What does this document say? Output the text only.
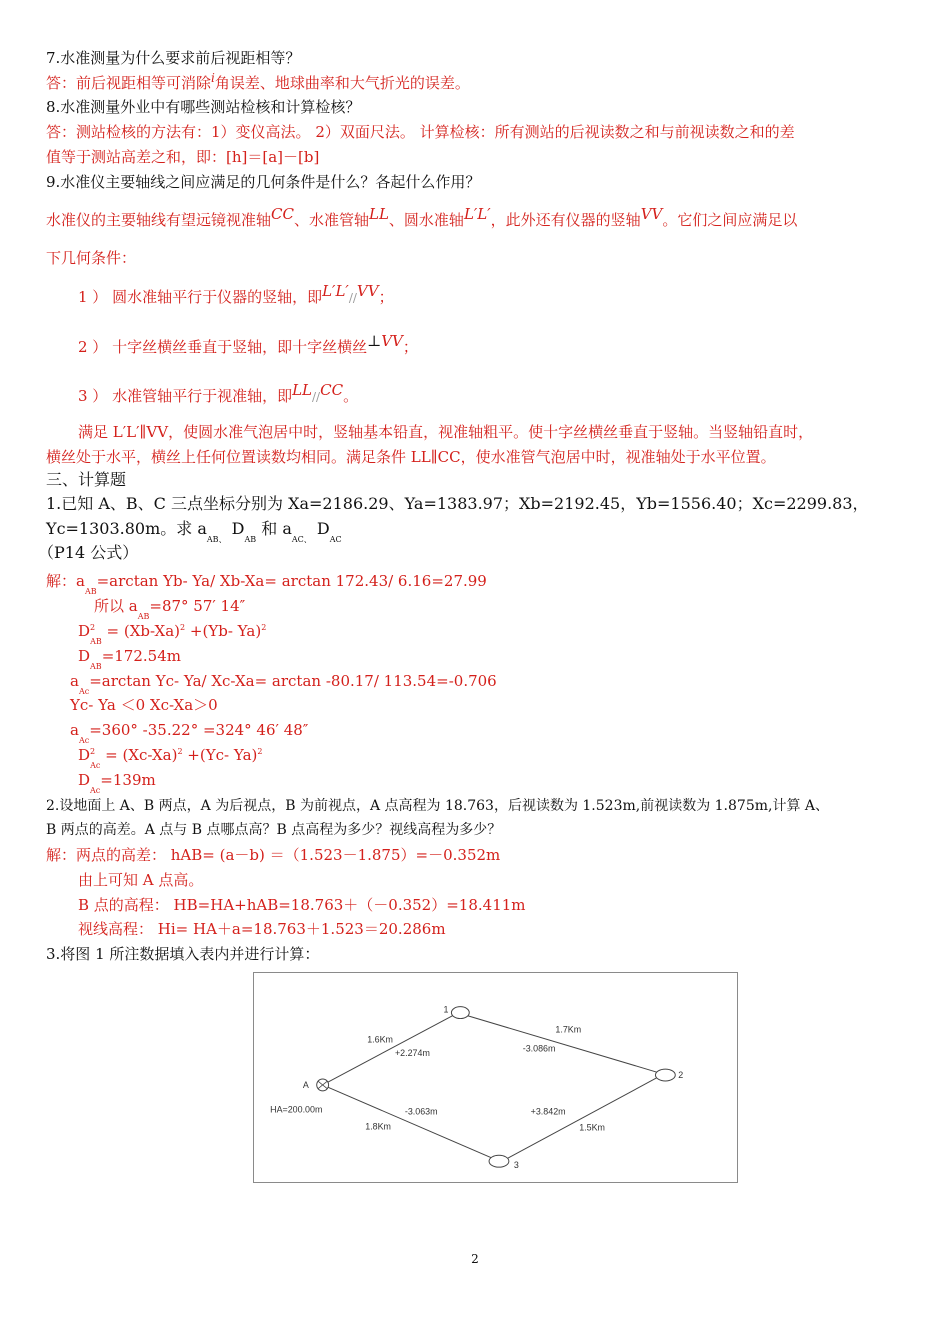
7.水准测量为什么要求前后视距相等？
答：前后视距相等可消除$^i$角误差、地球曲率和大气折光的误差。
8.水准测量外业中有哪些测站检核和计算检核？
答：测站检核的方法有：1）变仪高法。 2）双面尺法。 计算检核：所有测站的后视读数之和与前视读数之和的差
值等于测站高差之和，即：[h]＝[a]－[b]
9.水准仪主要轴线之间应满足的几何条件是什么？各起什么作用？
水准仪的主要轴线有望远镜视准轴CC、水准管轴LL、圆水准轴L′L′，此外还有仪器的竖轴VV。它们之间应满足以
下几何条件：
1 ） 圆水准轴平行于仪器的竖轴，即L′L′//VV；
2 ） 十字丝横丝垂直于竖轴，即十字丝横丝⊥VV；
3 ） 水准管轴平行于视准轴，即LL//CC。
满足 L′L′∥VV，使圆水准气泡居中时，竖轴基本铅直，视准轴粗平。使十字丝横丝垂直于竖轴。当竖轴铅直时，
横丝处于水平，横丝上任何位置读数均相同。满足条件 LL∥CC，使水准管气泡居中时，视准轴处于水平位置。
三、计算题
1.已知 A、B、C 三点坐标分别为 Xa=2186.29、Ya=1383.97；Xb=2192.45，Yb=1556.40；Xc=2299.83，
Yc=1303.80m。求 $a_{AB、}$ $D_{AB}$ 和 $a_{AC、}$ $D_{AC}$
（P14 公式）
解：$a_{AB}=\arctan$ Yb- Ya/ Xb-Xa= arctan 172.43/ 6.16=27.99
所以 $a_{AB}=87^\circ$ 57′ 14″
$D^2_{AB} = (Xb-Xa)^2 +(Yb-$ Ya)$^2$
$D_{AB}=172.54m$
$a_{Ac}=\arctan$ Yc- Ya/ Xc-Xa= arctan -80.17/ 113.54=-0.706
Yc- Ya ＜0 Xc-Xa＞0
$a_{Ac}=360^\circ$ -35.22° =324° 46′ 48″
$D^2_{Ac} = (Xc-Xa)^2 +(Yc-$ Ya)$^2$
$D_{Ac}=139m$
2.设地面上 A、B 两点，A 为后视点，B 为前视点，A 点高程为 18.763，后视读数为 1.523m,前视读数为 1.875m,计算 A、
B 两点的高差。A 点与 B 点哪点高？B 点高程为多少？视线高程为多少？
解：两点的高差： hAB= (a－b) ＝（1.523－1.875）=－0.352m
由上可知 A 点高。
B 点的高程： HB=HA+hAB=18.763＋（－0.352）=18.411m
视线高程： Hi= HA＋a=18.763＋1.523＝20.286m
3.将图 1 所注数据填入表内并进行计算：
A
1
2
3
HA=200.00m
1.6Km
+2.274m
1.7Km
-3.086m
-3.063m
1.8Km
+3.842m
1.5Km
2
